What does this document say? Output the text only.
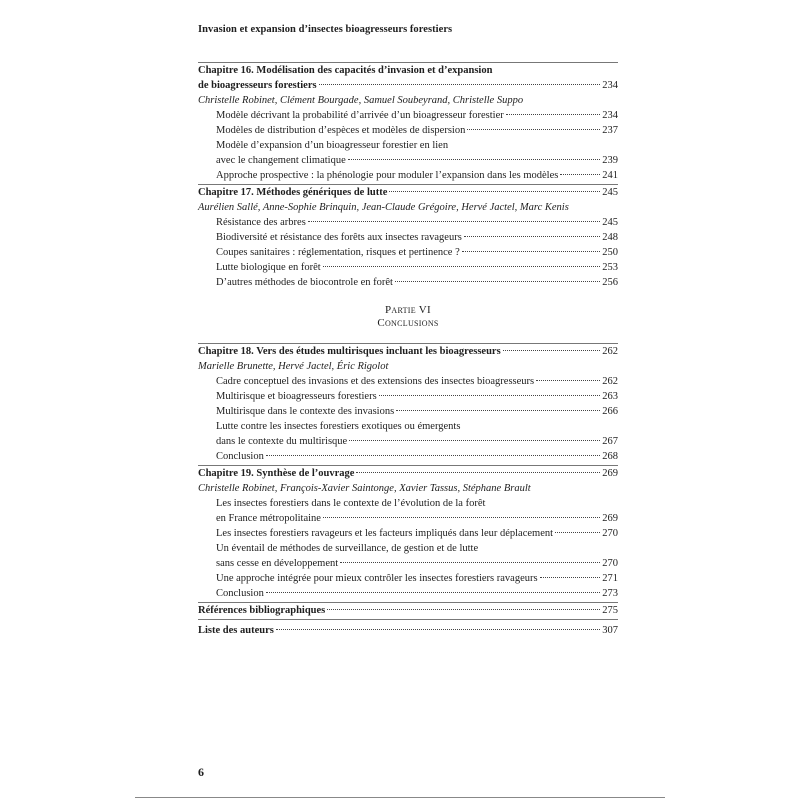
Invasion et expansion d’insectes bioagresseurs forestiers
Chapitre 16. Modélisation des capacités d’invasion et d’expansion
de bioagresseurs forestiers	234
Christelle Robinet, Clément Bourgade, Samuel Soubeyrand, Christelle Suppo
Modèle décrivant la probabilité d’arrivée d’un bioagresseur forestier	234
Modèles de distribution d’espèces et modèles de dispersion	237
Modèle d’expansion d’un bioagresseur forestier en lien
avec le changement climatique	239
Approche prospective : la phénologie pour moduler l’expansion dans les modèles	241
Chapitre 17. Méthodes génériques de lutte	245
Aurélien Sallé, Anne-Sophie Brinquin, Jean-Claude Grégoire, Hervé Jactel, Marc Kenis
Résistance des arbres	245
Biodiversité et résistance des forêts aux insectes ravageurs	248
Coupes sanitaires : réglementation, risques et pertinence ?	250
Lutte biologique en forêt	253
D’autres méthodes de biocontrole en forêt	256
Partie VI
Conclusions
Chapitre 18. Vers des études multirisques incluant les bioagresseurs	262
Marielle Brunette, Hervé Jactel, Éric Rigolot
Cadre conceptuel des invasions et des extensions des insectes bioagresseurs	262
Multirisque et bioagresseurs forestiers	263
Multirisque dans le contexte des invasions	266
Lutte contre les insectes forestiers exotiques ou émergents
dans le contexte du multirisque	267
Conclusion	268
Chapitre 19. Synthèse de l’ouvrage	269
Christelle Robinet, François-Xavier Saintonge, Xavier Tassus, Stéphane Brault
Les insectes forestiers dans le contexte de l’évolution de la forêt
en France métropolitaine	269
Les insectes forestiers ravageurs et les facteurs impliqués dans leur déplacement	270
Un éventail de méthodes de surveillance, de gestion et de lutte
sans cesse en développement	270
Une approche intégrée pour mieux contrôler les insectes forestiers ravageurs	271
Conclusion	273
Références bibliographiques	275
Liste des auteurs	307
6
